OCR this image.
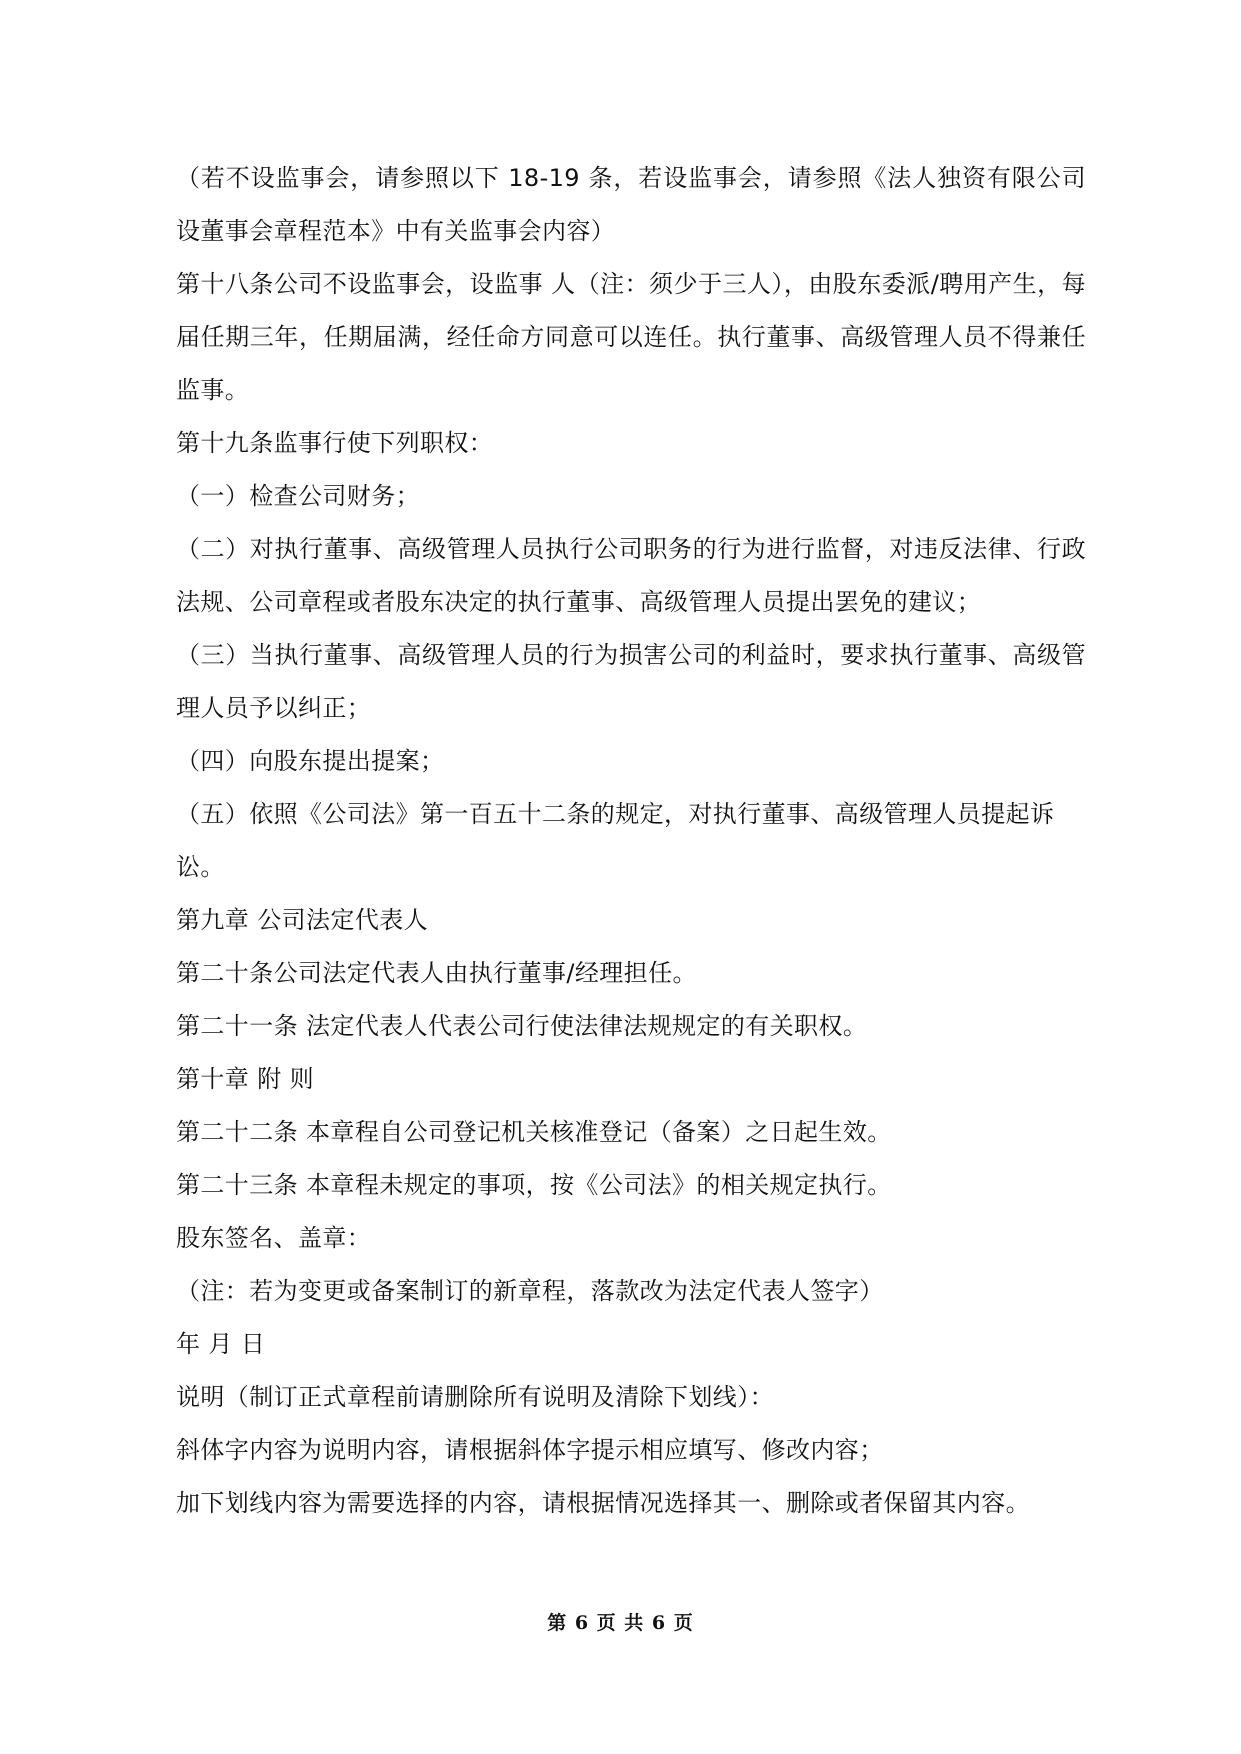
（若不设监事会，请参照以下 18-19 条，若设监事会，请参照《法人独资有限公司设董事会章程范本》中有关监事会内容）

第十八条公司不设监事会，设监事 人（注：须少于三人），由股东委派/聘用产生，每届任期三年，任期届满，经任命方同意可以连任。执行董事、高级管理人员不得兼任监事。

第十九条监事行使下列职权：

（一）检查公司财务；

（二）对执行董事、高级管理人员执行公司职务的行为进行监督，对违反法律、行政法规、公司章程或者股东决定的执行董事、高级管理人员提出罢免的建议；

（三）当执行董事、高级管理人员的行为损害公司的利益时，要求执行董事、高级管理人员予以纠正；

（四）向股东提出提案；

（五）依照《公司法》第一百五十二条的规定，对执行董事、高级管理人员提起诉讼。

第九章 公司法定代表人

第二十条公司法定代表人由执行董事/经理担任。

第二十一条 法定代表人代表公司行使法律法规规定的有关职权。

第十章 附 则

第二十二条 本章程自公司登记机关核准登记（备案）之日起生效。

第二十三条 本章程未规定的事项，按《公司法》的相关规定执行。

股东签名、盖章：

（注：若为变更或备案制订的新章程，落款改为法定代表人签字）

年 月 日

说明（制订正式章程前请删除所有说明及清除下划线）：

斜体字内容为说明内容，请根据斜体字提示相应填写、修改内容；

加下划线内容为需要选择的内容，请根据情况选择其一、删除或者保留其内容。

第 6 页 共 6 页
